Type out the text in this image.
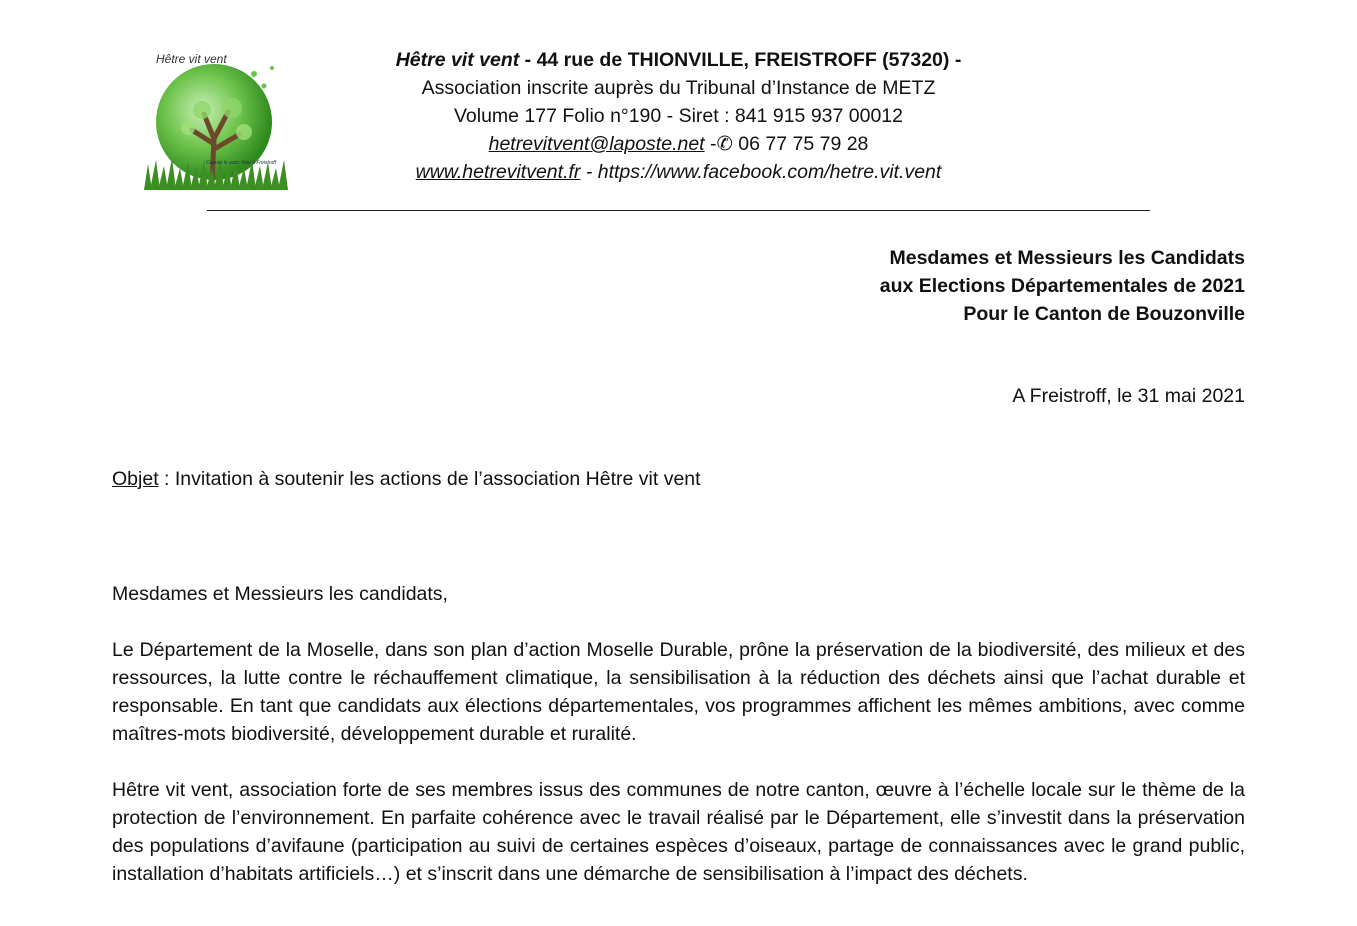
Hêtre vit vent
Capure le ponc bleu à Freistroff
Hêtre vit vent - 44 rue de THIONVILLE, FREISTROFF (57320) -
Association inscrite auprès du Tribunal d’Instance de METZ
Volume 177 Folio n°190 - Siret : 841 915 937 00012
hetrevitvent@laposte.net -✆ 06 77 75 79 28
www.hetrevitvent.fr - https://www.facebook.com/hetre.vit.vent
Mesdames et Messieurs les Candidats
aux Elections Départementales de 2021
Pour le Canton de Bouzonville
A Freistroff, le 31 mai 2021
Objet : Invitation à soutenir les actions de l’association Hêtre vit vent

Mesdames et Messieurs les candidats,

Le Département de la Moselle, dans son plan d’action Moselle Durable, prône la préservation de la biodiversité, des milieux et des ressources, la lutte contre le réchauffement climatique, la sensibilisation à la réduction des déchets ainsi que l’achat durable et responsable. En tant que candidats aux élections départementales, vos programmes affichent les mêmes ambitions, avec comme maîtres-mots biodiversité, développement durable et ruralité.

Hêtre vit vent, association forte de ses membres issus des communes de notre canton, œuvre à l’échelle locale sur le thème de la protection de l’environnement. En parfaite cohérence avec le travail réalisé par le Département, elle s’investit dans la préservation des populations d’avifaune (participation au suivi de certaines espèces d’oiseaux, partage de connaissances avec le grand public, installation d’habitats artificiels…) et s’inscrit dans une démarche de sensibilisation à l’impact des déchets.
